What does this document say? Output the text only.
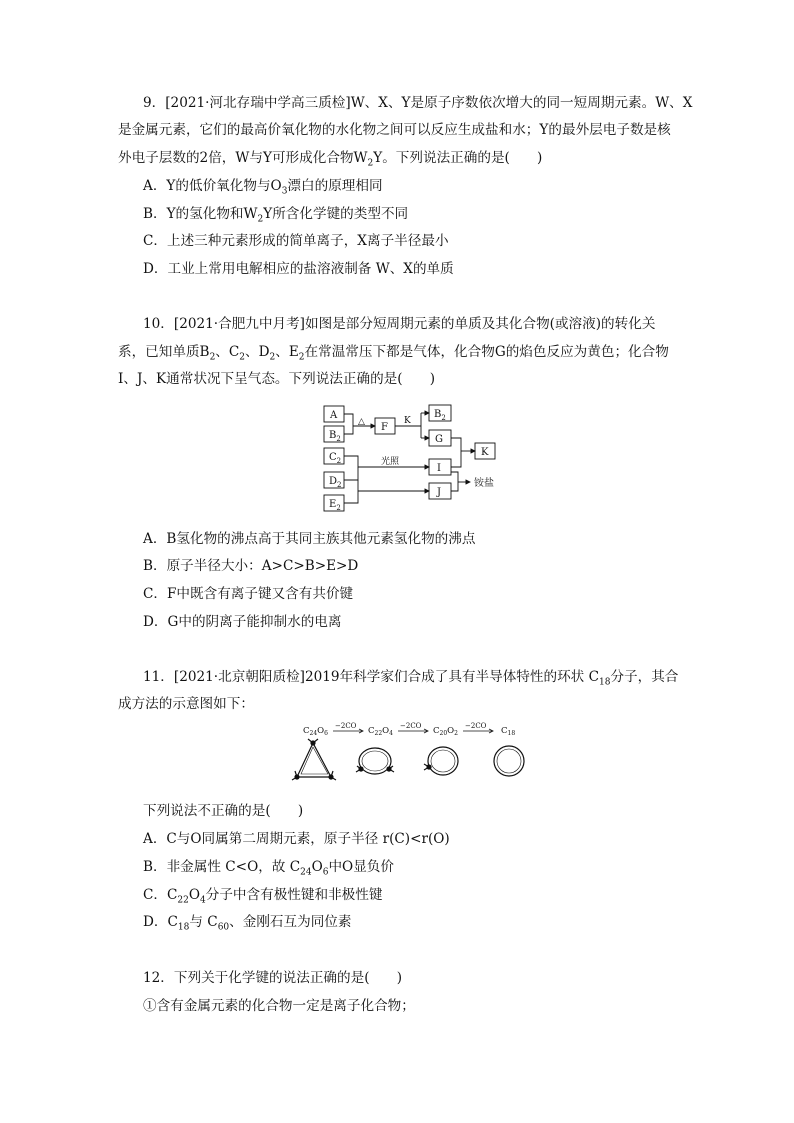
9．[2021·河北存瑞中学高三质检]W、X、Y是原子序数依次增大的同一短周期元素。W、X
是金属元素，它们的最高价氧化物的水化物之间可以反应生成盐和水；Y的最外层电子数是核
外电子层数的2倍，W与Y可形成化合物$W_2Y$。下列说法正确的是(　　)
A．Y的低价氧化物与$O_3$漂白的原理相同
B．Y的氢化物和$W_2Y$所含化学键的类型不同
C．上述三种元素形成的简单离子，X离子半径最小
D．工业上常用电解相应的盐溶液制备 W、X的单质
10．[2021·合肥九中月考]如图是部分短周期元素的单质及其化合物(或溶液)的转化关
系，已知单质$B_2$、$C_2$、$D_2$、$E_2$在常温常压下都是气体，化合物G的焰色反应为黄色；化合物
I、J、K通常状况下呈气态。下列说法正确的是(　　)
A
$B_2$
$C_2$
$D_2$
$E_2$
F
$B_2$
G
I
J
K
△	K
光照
铵盐
A．B氢化物的沸点高于其同主族其他元素氢化物的沸点
B．原子半径大小：A>C>B>E>D
C．F中既含有离子键又含有共价键
D．G中的阴离子能抑制水的电离
11．[2021·北京朝阳质检]2019年科学家们合成了具有半导体特性的环状 $C_{18}$分子，其合
成方法的示意图如下：
$C_{24}O_6$
−2CO $C_{22}O_4$
−2CO $C_{20}O_2$
−2CO $C_{18}$
下列说法不正确的是(　　)
A．C与O同属第二周期元素，原子半径 r(C)<r(O)
B．非金属性 C<O，故 $C_{24}O_6$中O显负价
C．$C_{22}O_4$分子中含有极性键和非极性键
D．$C_{18}$与 $C_{60}$、金刚石互为同位素
12．下列关于化学键的说法正确的是(　　)
①含有金属元素的化合物一定是离子化合物；
